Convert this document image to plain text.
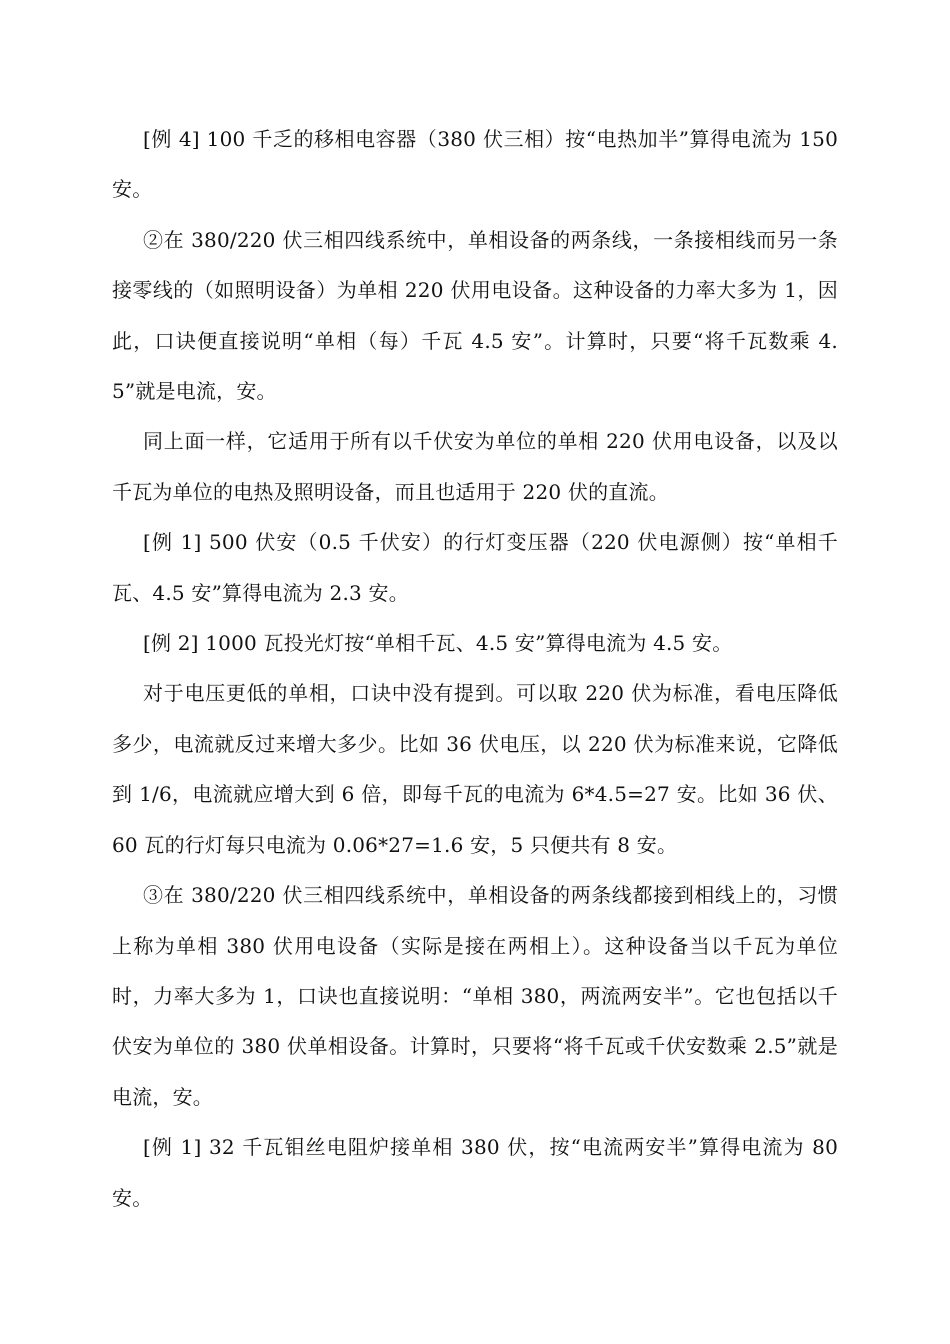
[例 4] 100 千乏的移相电容器（380 伏三相）按“电热加半”算得电流为 150 安。

②在 380/220 伏三相四线系统中，单相设备的两条线，一条接相线而另一条接零线的（如照明设备）为单相 220 伏用电设备。这种设备的力率大多为 1，因此，口诀便直接说明“单相（每）千瓦 4.5 安”。计算时，只要“将千瓦数乘 4.5”就是电流，安。

同上面一样，它适用于所有以千伏安为单位的单相 220 伏用电设备，以及以千瓦为单位的电热及照明设备，而且也适用于 220 伏的直流。

[例 1] 500 伏安（0.5 千伏安）的行灯变压器（220 伏电源侧）按“单相千瓦、4.5 安”算得电流为 2.3 安。

[例 2] 1000 瓦投光灯按“单相千瓦、4.5 安”算得电流为 4.5 安。

对于电压更低的单相，口诀中没有提到。可以取 220 伏为标准，看电压降低多少，电流就反过来增大多少。比如 36 伏电压，以 220 伏为标准来说，它降低到 1/6，电流就应增大到 6 倍，即每千瓦的电流为 6*4.5=27 安。比如 36 伏、60 瓦的行灯每只电流为 0.06*27=1.6 安，5 只便共有 8 安。

③在 380/220 伏三相四线系统中，单相设备的两条线都接到相线上的，习惯上称为单相 380 伏用电设备（实际是接在两相上）。这种设备当以千瓦为单位时，力率大多为 1，口诀也直接说明：“单相 380，两流两安半”。它也包括以千伏安为单位的 380 伏单相设备。计算时，只要将“将千瓦或千伏安数乘 2.5”就是电流，安。

[例 1] 32 千瓦钼丝电阻炉接单相 380 伏，按“电流两安半”算得电流为 80 安。
